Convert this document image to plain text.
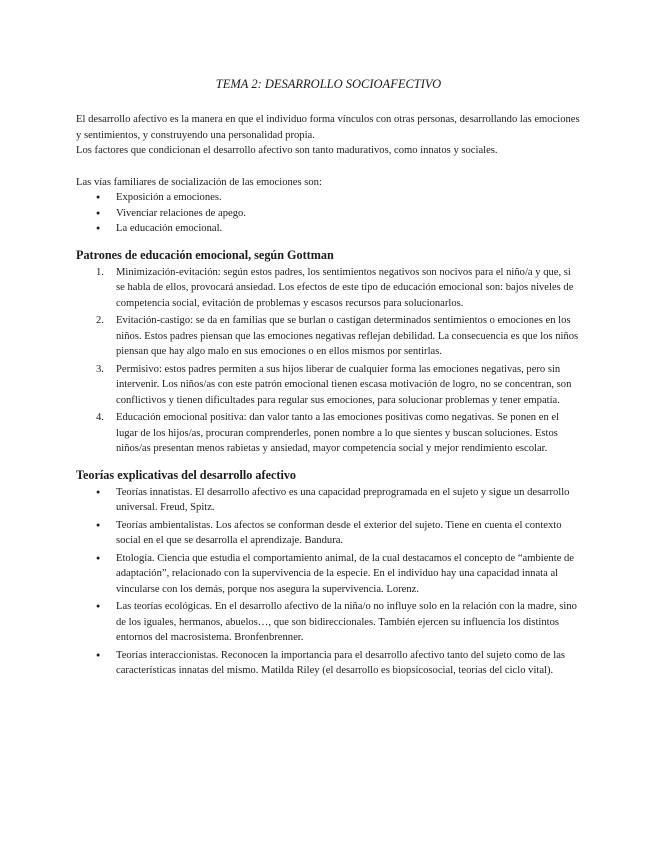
TEMA 2: DESARROLLO SOCIOAFECTIVO

El desarrollo afectivo es la manera en que el individuo forma vínculos con otras personas, desarrollando las emociones y sentimientos, y construyendo una personalidad propia.

Los factores que condicionan el desarrollo afectivo son tanto madurativos, como innatos y sociales.

Las vías familiares de socialización de las emociones son:

● Exposición a emociones.
● Vivenciar relaciones de apego.
● La educación emocional.
Patrones de educación emocional, según Gottman
1. Minimización-evitación: según estos padres, los sentimientos negativos son nocivos para el niño/a y que, si se habla de ellos, provocará ansiedad. Los efectos de este tipo de educación emocional son: bajos niveles de competencia social, evitación de problemas y escasos recursos para solucionarlos.
2. Evitación-castigo: se da en familias que se burlan o castigan determinados sentimientos o emociones en los niños. Estos padres piensan que las emociones negativas reflejan debilidad. La consecuencia es que los niños piensan que hay algo malo en sus emociones o en ellos mismos por sentirlas.
3. Permisivo: estos padres permiten a sus hijos liberar de cualquier forma las emociones negativas, pero sin intervenir. Los niños/as con este patrón emocional tienen escasa motivación de logro, no se concentran, son conflictivos y tienen dificultades para regular sus emociones, para solucionar problemas y tener empatía.
4. Educación emocional positiva: dan valor tanto a las emociones positivas como negativas. Se ponen en el lugar de los hijos/as, procuran comprenderles, ponen nombre a lo que sientes y buscan soluciones. Estos niños/as presentan menos rabietas y ansiedad, mayor competencia social y mejor rendimiento escolar.
Teorías explicativas del desarrollo afectivo
● Teorías innatistas. El desarrollo afectivo es una capacidad preprogramada en el sujeto y sigue un desarrollo universal. Freud, Spitz.
● Teorías ambientalistas. Los afectos se conforman desde el exterior del sujeto. Tiene en cuenta el contexto social en el que se desarrolla el aprendizaje. Bandura.
● Etología. Ciencia que estudia el comportamiento animal, de la cual destacamos el concepto de “ambiente de adaptación”, relacionado con la supervivencia de la especie. En el individuo hay una capacidad innata al vincularse con los demás, porque nos asegura la supervivencia. Lorenz.
● Las teorías ecológicas. En el desarrollo afectivo de la niña/o no influye solo en la relación con la madre, sino de los iguales, hermanos, abuelos…, que son bidireccionales. También ejercen su influencia los distintos entornos del macrosistema. Bronfenbrenner.
● Teorías interaccionistas. Reconocen la importancia para el desarrollo afectivo tanto del sujeto como de las características innatas del mismo. Matilda Riley (el desarrollo es biopsicosocial, teorías del ciclo vital).
